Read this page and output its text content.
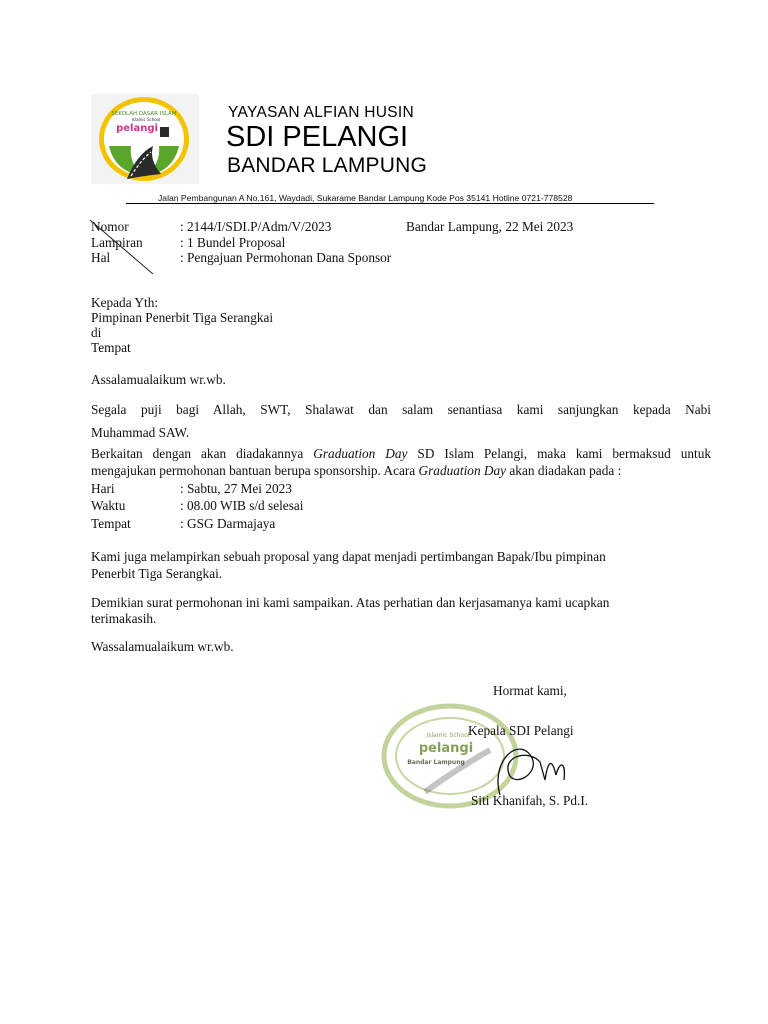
SEKOLAH DASAR ISLAM
Islamic School
pelangi
YAYASAN ALFIAN HUSIN
SDI PELANGI
BANDAR LAMPUNG
Jalan Pembangunan A No.161, Waydadi, Sukarame Bandar Lampung Kode Pos 35141 Hotline 0721-778528
Nomor	: 2144/I/SDI.P/Adm/V/2023	Bandar Lampung, 22 Mei 2023
Lampiran	: 1 Bundel Proposal
Hal	: Pengajuan Permohonan Dana Sponsor
Kepada Yth:
Pimpinan Penerbit Tiga Serangkai
di
Tempat
Assalamualaikum wr.wb.
Segala puji bagi Allah, SWT, Shalawat dan salam senantiasa kami sanjungkan kepada Nabi
Muhammad SAW.
Berkaitan dengan akan diadakannya Graduation Day SD Islam Pelangi, maka kami bermaksud untuk
mengajukan permohonan bantuan berupa sponsorship. Acara Graduation Day akan diadakan pada :
Hari	: Sabtu, 27 Mei 2023
Waktu	: 08.00 WIB s/d selesai
Tempat	: GSG Darmajaya
Kami juga melampirkan sebuah proposal yang dapat menjadi pertimbangan Bapak/Ibu pimpinan
Penerbit Tiga Serangkai.
Demikian surat permohonan ini kami sampaikan. Atas perhatian dan kerjasamanya kami ucapkan
terimakasih.
Wassalamualaikum wr.wb.
Hormat kami,
Islamic School
pelangi
Bandar Lampung
Kepala SDI Pelangi
Siti Khanifah, S. Pd.I.
